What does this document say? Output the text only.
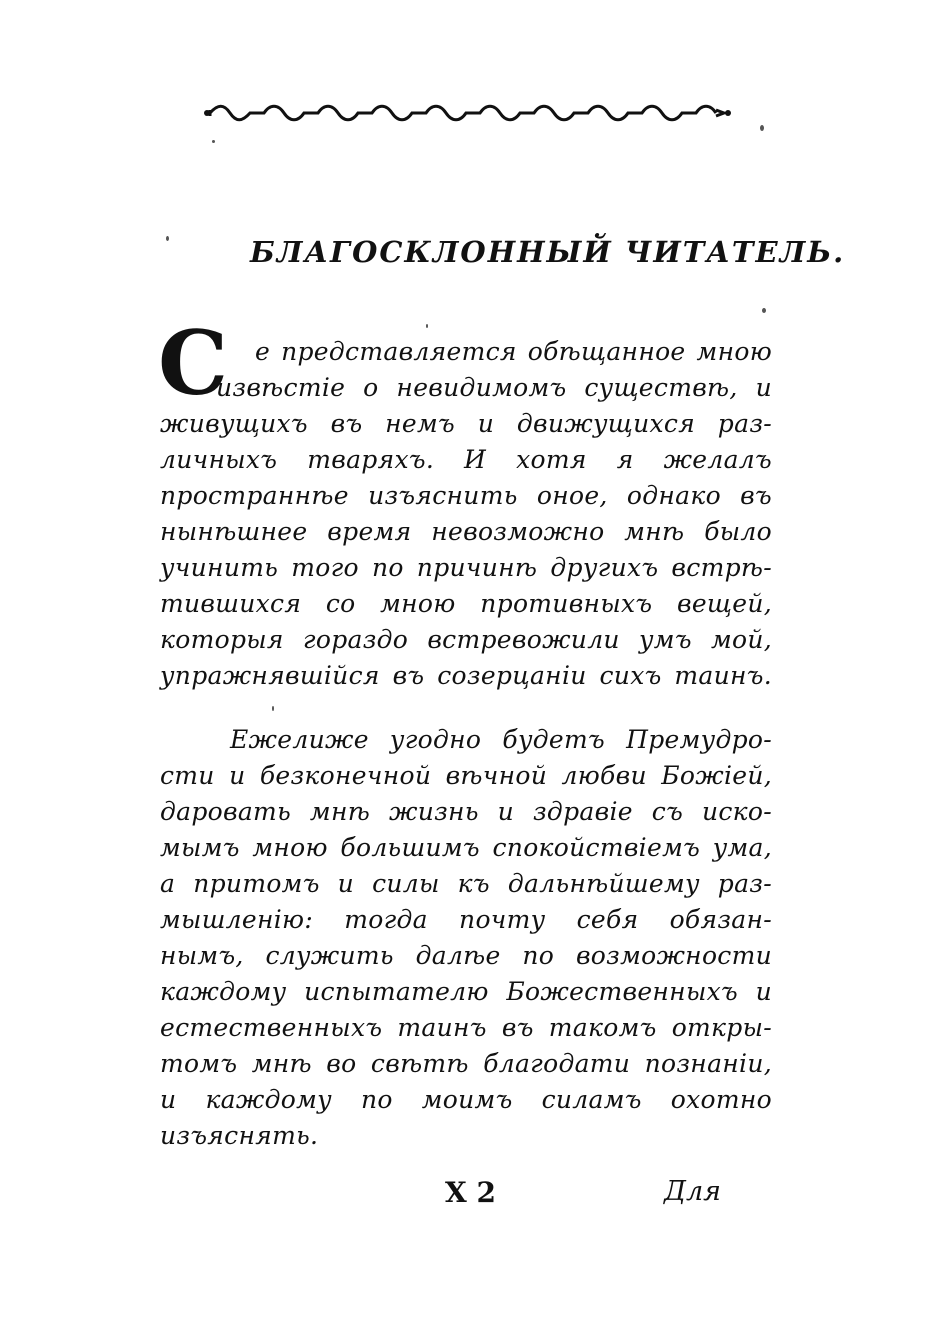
БЛАГОСКЛОННЫЙ ЧИТАТЕЛЬ.
С	е представляется обѣщанное мною
извѣстіе о невидимомъ существѣ, и
живущихъ въ немъ и движущихся раз-
личныхъ тваряхъ. И хотя я желалъ
пространнѣе изъяснить оное, однако въ
нынѣшнее время невозможно мнѣ было
учинить того по причинѣ другихъ встрѣ-
тившихся со мною противныхъ вещей,
которыя гораздо встревожили умъ мой,
упражнявшійся въ созерцаніи сихъ таинъ.
Ежелиже угодно будетъ Премудро-
сти и безконечной вѣчной любви Божіей,
даровать мнѣ жизнь и здравіе съ иско-
мымъ мною большимъ спокойствіемъ ума,
а притомъ и силы къ дальнѣйшему раз-
мышленію: тогда почту себя обязан-
нымъ, служить далѣе по возможности
каждому испытателю Божественныхъ и
естественныхъ таинъ въ такомъ откры-
томъ мнѣ во свѣтѣ благодати познаніи,
и каждому по моимъ силамъ охотно
изъяснять.
Х 2	Для
